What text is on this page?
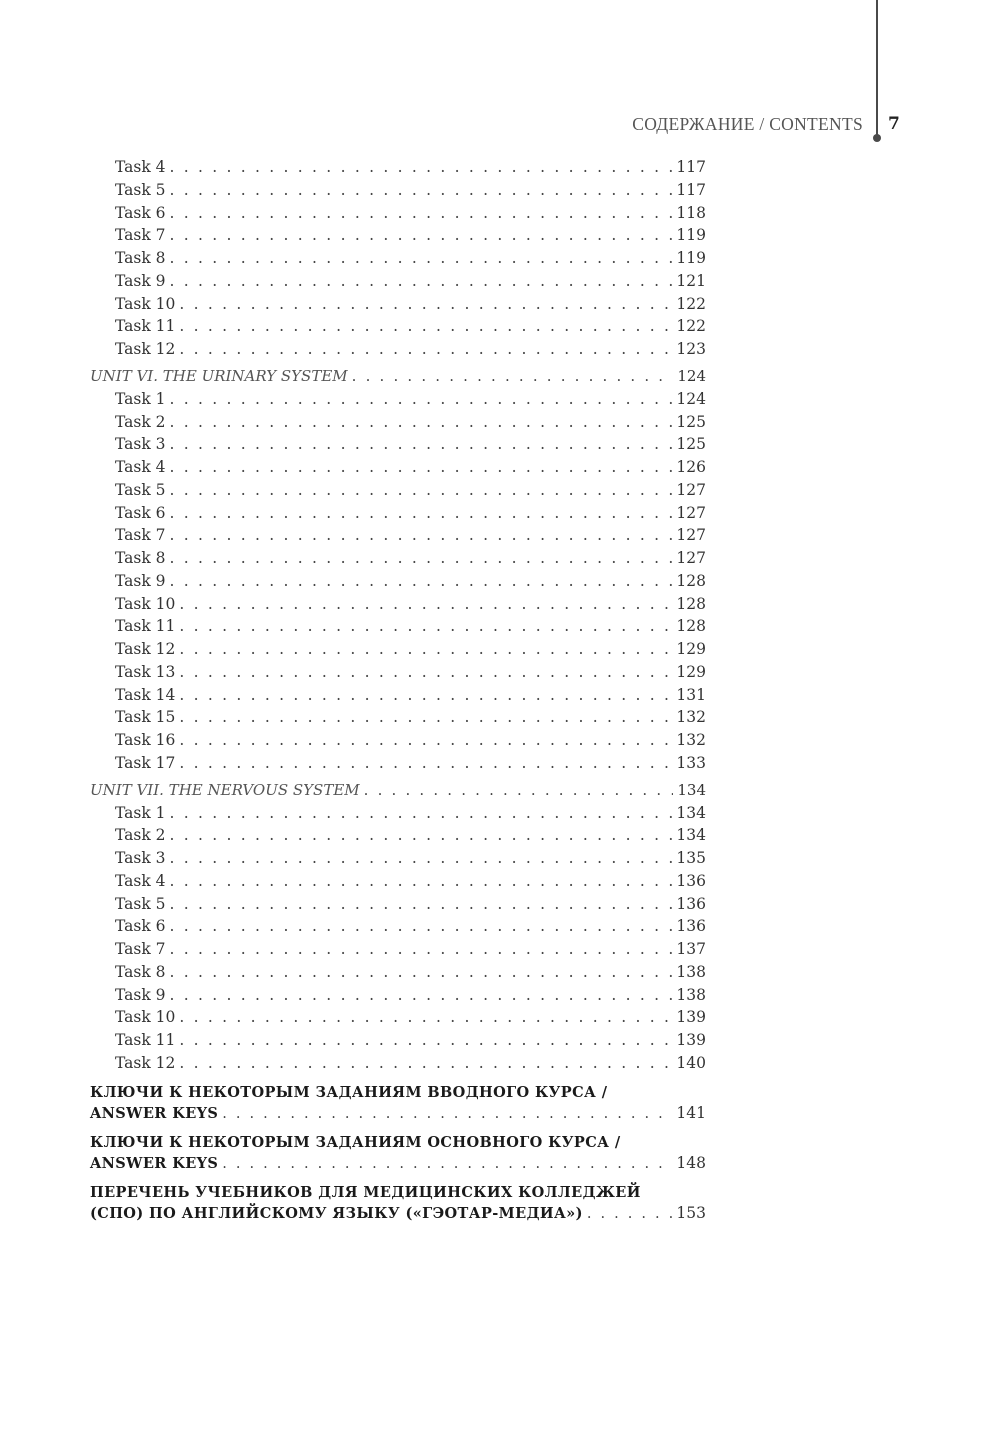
СОДЕРЖАНИЕ / CONTENTS 7
Task 4 . . .	117
Task 5 . . .	117
Task 6 . . .	118
Task 7 . . .	119
Task 8 . . .	119
Task 9 . . .	121
Task 10 . . .	122
Task 11 . . .	122
Task 12 . . .	123
UNIT VI. THE URINARY SYSTEM . . .	124
Task 1 . . .	124
Task 2 . . .	125
Task 3 . . .	125
Task 4 . . .	126
Task 5 . . .	127
Task 6 . . .	127
Task 7 . . .	127
Task 8 . . .	127
Task 9 . . .	128
Task 10 . . .	128
Task 11 . . .	128
Task 12 . . .	129
Task 13 . . .	129
Task 14 . . .	131
Task 15 . . .	132
Task 16 . . .	132
Task 17 . . .	133
UNIT VII. THE NERVOUS SYSTEM . . .	134
Task 1 . . .	134
Task 2 . . .	134
Task 3 . . .	135
Task 4 . . .	136
Task 5 . . .	136
Task 6 . . .	136
Task 7 . . .	137
Task 8 . . .	138
Task 9 . . .	138
Task 10 . . .	139
Task 11 . . .	139
Task 12 . . .	140
КЛЮЧИ К НЕКОТОРЫМ ЗАДАНИЯМ ВВОДНОГО КУРСА /
ANSWER KEYS . . .	141
КЛЮЧИ К НЕКОТОРЫМ ЗАДАНИЯМ ОСНОВНОГО КУРСА /
ANSWER KEYS . . .	148
ПЕРЕЧЕНЬ УЧЕБНИКОВ ДЛЯ МЕДИЦИНСКИХ КОЛЛЕДЖЕЙ
(СПО) ПО АНГЛИЙСКОМУ ЯЗЫКУ («ГЭОТАР-МЕДИА») . . .	153
